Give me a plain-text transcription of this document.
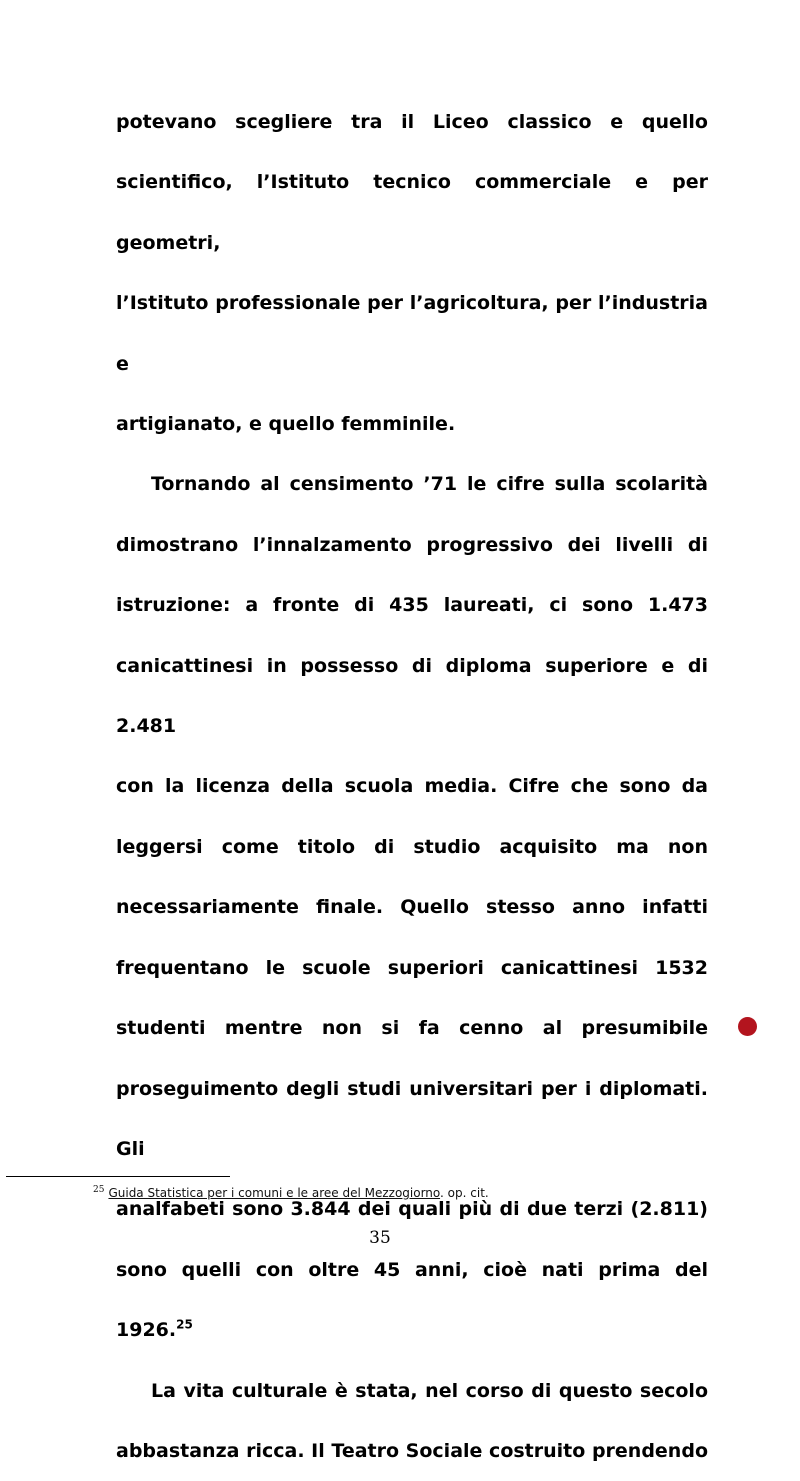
potevano scegliere tra il Liceo classico e quello

scientifico, l’Istituto tecnico commerciale e per geometri,

l’Istituto professionale per l’agricoltura, per l’industria e

artigianato, e quello femminile.

Tornando al censimento ’71 le cifre sulla scolarità

dimostrano l’innalzamento progressivo dei livelli di

istruzione: a fronte di 435 laureati, ci sono 1.473

canicattinesi in possesso di diploma superiore e di 2.481

con la licenza della scuola media. Cifre che sono da

leggersi come titolo di studio acquisito ma non

necessariamente finale. Quello stesso anno infatti

frequentano le scuole superiori canicattinesi 1532

studenti mentre non si fa cenno al presumibile

proseguimento degli studi universitari per i diplomati. Gli

analfabeti sono 3.844 dei quali più di due terzi (2.811)

sono quelli con oltre 45 anni, cioè nati prima del 1926.25

La vita culturale è stata, nel corso di questo secolo

abbastanza ricca. Il Teatro Sociale costruito prendendo

$^{25}$ Guida Statistica per i comuni e le aree del Mezzogiorno. op. cit.
35
